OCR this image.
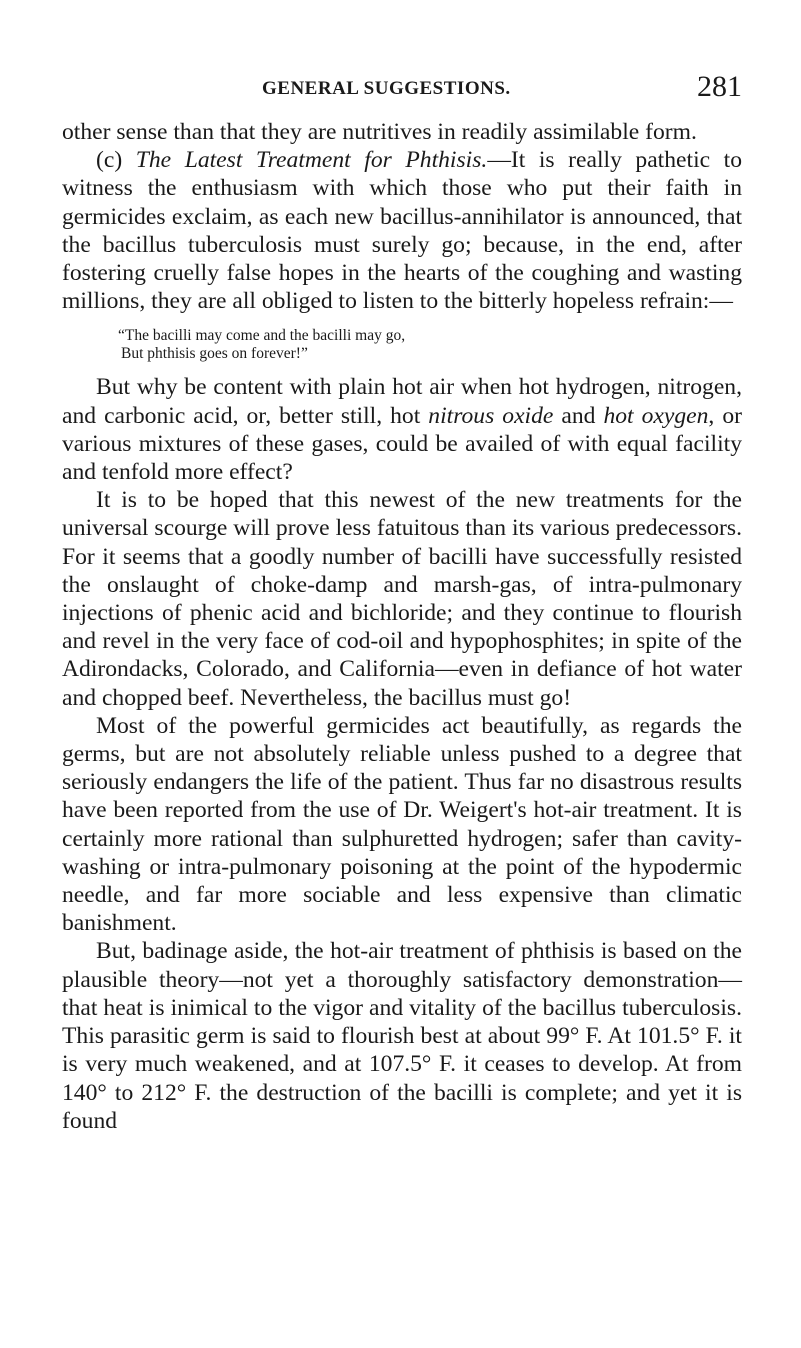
GENERAL SUGGESTIONS.	281

other sense than that they are nutritives in readily assimilable form.

(c) The Latest Treatment for Phthisis.—It is really pathetic to witness the enthusiasm with which those who put their faith in germicides exclaim, as each new bacillus-annihilator is announced, that the bacillus tuberculosis must surely go; because, in the end, after fostering cruelly false hopes in the hearts of the coughing and wasting millions, they are all obliged to listen to the bitterly hopeless refrain:—

“The bacilli may come and the bacilli may go,
But phthisis goes on forever!”

But why be content with plain hot air when hot hydrogen, nitrogen, and carbonic acid, or, better still, hot nitrous oxide and hot oxygen, or various mixtures of these gases, could be availed of with equal facility and tenfold more effect?

It is to be hoped that this newest of the new treatments for the universal scourge will prove less fatuitous than its various predecessors. For it seems that a goodly number of bacilli have successfully resisted the onslaught of choke-damp and marsh-gas, of intra-pulmonary injections of phenic acid and bichloride; and they continue to flourish and revel in the very face of cod-oil and hypophosphites; in spite of the Adirondacks, Colorado, and California—even in defiance of hot water and chopped beef. Nevertheless, the bacillus must go!

Most of the powerful germicides act beautifully, as regards the germs, but are not absolutely reliable unless pushed to a degree that seriously endangers the life of the patient. Thus far no disastrous results have been reported from the use of Dr. Weigert's hot-air treatment. It is certainly more rational than sulphuretted hydrogen; safer than cavity-washing or intra-pulmonary poisoning at the point of the hypodermic needle, and far more sociable and less expensive than climatic banishment.

But, badinage aside, the hot-air treatment of phthisis is based on the plausible theory—not yet a thoroughly satisfactory demonstration—that heat is inimical to the vigor and vitality of the bacillus tuberculosis. This parasitic germ is said to flourish best at about 99° F. At 101.5° F. it is very much weakened, and at 107.5° F. it ceases to develop. At from 140° to 212° F. the destruction of the bacilli is complete; and yet it is found
